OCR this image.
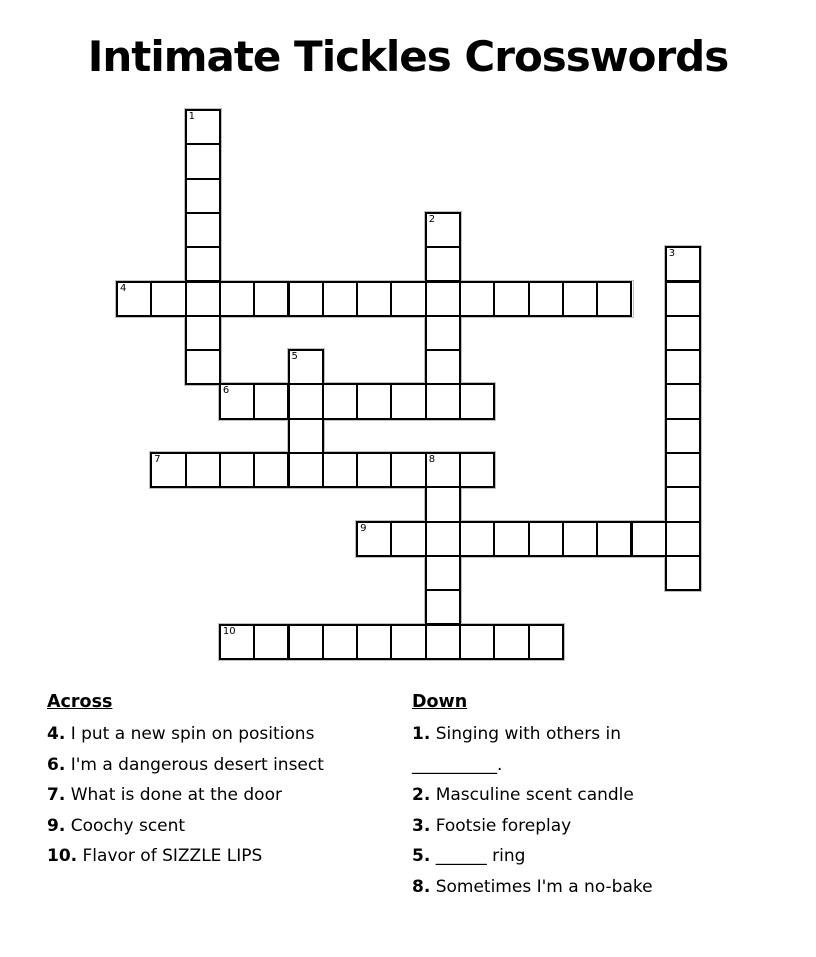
Intimate Tickles Crosswords
1
2
3
4
5
6
7	8
9
10

Across

4. I put a new spin on positions
6. I'm a dangerous desert insect
7. What is done at the door
9. Coochy scent
10. Flavor of SIZZLE LIPS

Down

1. Singing with others in __________.
2. Masculine scent candle
3. Footsie foreplay
5. ______ ring
8. Sometimes I'm a no-bake
